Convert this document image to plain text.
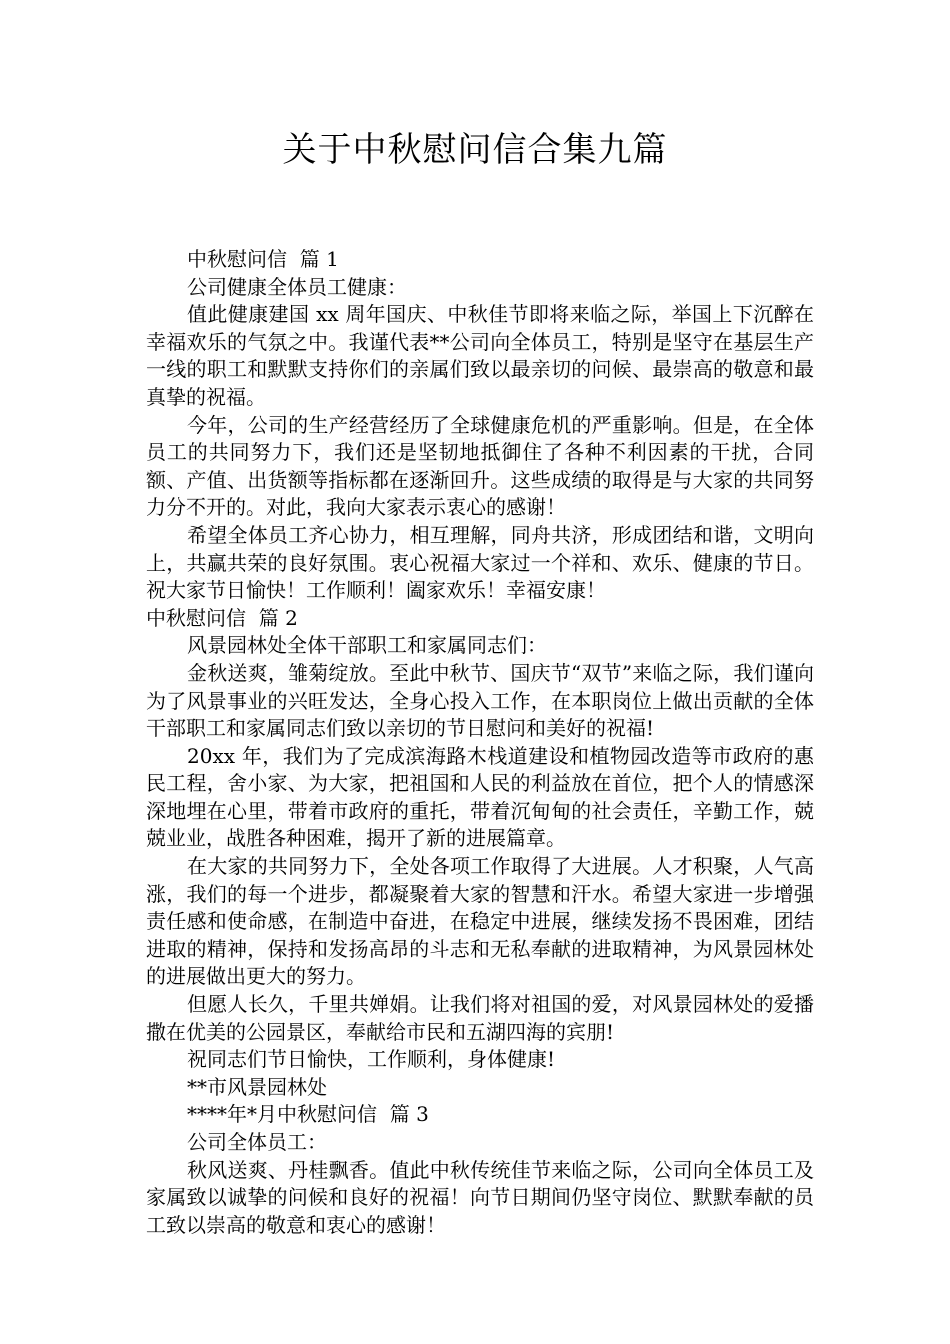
关于中秋慰问信合集九篇

中秋慰问信  篇 1

公司健康全体员工健康：

值此健康建国 xx 周年国庆、中秋佳节即将来临之际，举国上下沉醉在幸福欢乐的气氛之中。我谨代表**公司向全体员工，特别是坚守在基层生产一线的职工和默默支持你们的亲属们致以最亲切的问候、最崇高的敬意和最真挚的祝福。

今年，公司的生产经营经历了全球健康危机的严重影响。但是，在全体员工的共同努力下，我们还是坚韧地抵御住了各种不利因素的干扰，合同额、产值、出货额等指标都在逐渐回升。这些成绩的取得是与大家的共同努力分不开的。对此，我向大家表示衷心的感谢！

希望全体员工齐心协力，相互理解，同舟共济，形成团结和谐，文明向上，共赢共荣的良好氛围。衷心祝福大家过一个祥和、欢乐、健康的节日。  祝大家节日愉快！工作顺利！阖家欢乐！幸福安康！

中秋慰问信  篇 2

风景园林处全体干部职工和家属同志们：

金秋送爽，雏菊绽放。至此中秋节、国庆节“双节”来临之际，我们谨向为了风景事业的兴旺发达，全身心投入工作，在本职岗位上做出贡献的全体干部职工和家属同志们致以亲切的节日慰问和美好的祝福!

20xx 年，我们为了完成滨海路木栈道建设和植物园改造等市政府的惠民工程，舍小家、为大家，把祖国和人民的利益放在首位，把个人的情感深深地埋在心里，带着市政府的重托，带着沉甸甸的社会责任，辛勤工作，兢兢业业，战胜各种困难，揭开了新的进展篇章。

在大家的共同努力下，全处各项工作取得了大进展。人才积聚，人气高涨，我们的每一个进步，都凝聚着大家的智慧和汗水。希望大家进一步增强责任感和使命感，在制造中奋进，在稳定中进展，继续发扬不畏困难，团结进取的精神，保持和发扬高昂的斗志和无私奉献的进取精神，为风景园林处的进展做出更大的努力。

但愿人长久，千里共婵娟。让我们将对祖国的爱，对风景园林处的爱播撒在优美的公园景区，奉献给市民和五湖四海的宾朋!

祝同志们节日愉快，工作顺利，身体健康!

**市风景园林处

****年*月中秋慰问信  篇 3

公司全体员工：

秋风送爽、丹桂飘香。值此中秋传统佳节来临之际，公司向全体员工及家属致以诚挚的问候和良好的祝福！向节日期间仍坚守岗位、默默奉献的员工致以崇高的敬意和衷心的感谢！
